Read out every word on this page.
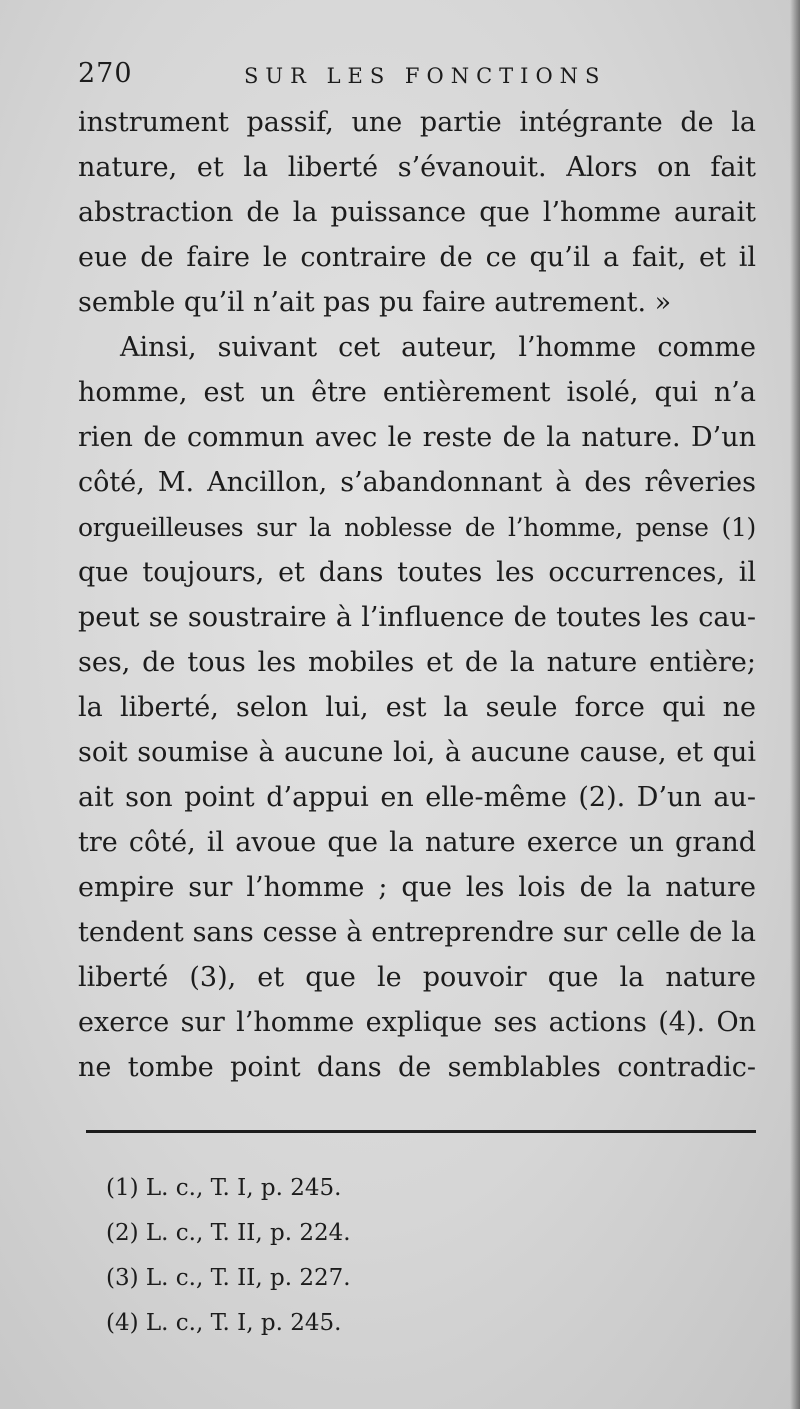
270	SUR LES FONCTIONS
instrument passif, une partie intégrante de la
nature, et la liberté s’évanouit. Alors on fait
abstraction de la puissance que l’homme aurait
eue de faire le contraire de ce qu’il a fait, et il
semble qu’il n’ait pas pu faire autrement. »
Ainsi, suivant cet auteur, l’homme comme
homme, est un être entièrement isolé, qui n’a
rien de commun avec le reste de la nature. D’un
côté, M. Ancillon, s’abandonnant à des rêveries
orgueilleuses sur la noblesse de l’homme, pense (1)
que toujours, et dans toutes les occurrences, il
peut se soustraire à l’influence de toutes les cau-
ses, de tous les mobiles et de la nature entière;
la liberté, selon lui, est la seule force qui ne
soit soumise à aucune loi, à aucune cause, et qui
ait son point d’appui en elle-même (2). D’un au-
tre côté, il avoue que la nature exerce un grand
empire sur l’homme ; que les lois de la nature
tendent sans cesse à entreprendre sur celle de la
liberté (3), et que le pouvoir que la nature
exerce sur l’homme explique ses actions (4). On
ne tombe point dans de semblables contradic-
(1) L. c., T. I, p. 245.
(2) L. c., T. II, p. 224.
(3) L. c., T. II, p. 227.
(4) L. c., T. I, p. 245.
